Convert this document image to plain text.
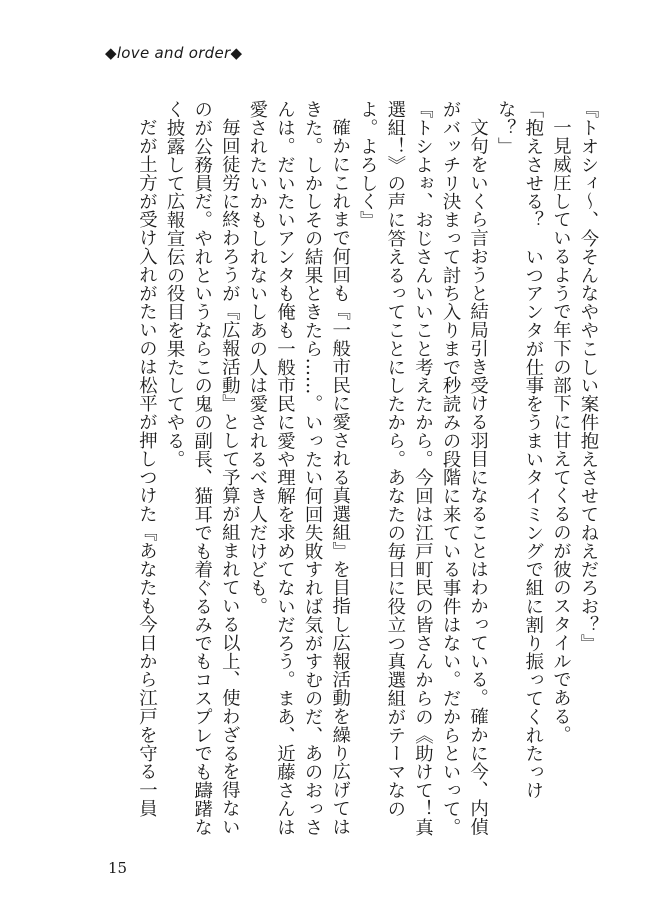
◆love and order◆

『トオシィ〜、今そんなややこしい案件抱えさせてねえだろお？』

一見威圧しているようで年下の部下に甘えてくるのが彼のスタイルである。

「抱えさせる？　いつアンタが仕事をうまいタイミングで組に割り振ってくれたっけな？」

文句をいくら言おうと結局引き受ける羽目になることはわかっている。確かに今、内偵がバッチリ決まって討ち入りまで秒読みの段階に来ている事件はない。だからといって。

『トシよぉ、おじさんいいこと考えたから。今回は江戸町民の皆さんからの《助けて！真選組！》の声に答えるってことにしたから。あなたの毎日に役立つ真選組がテーマなのよ。よろしく』

確かにこれまで何回も『一般市民に愛される真選組』を目指し広報活動を繰り広げてはきた。しかしその結果ときたら……。いったい何回失敗すれば気がすむのだ、あのおっさんは。だいたいアンタも俺も一般市民に愛や理解を求めてないだろう。まあ、近藤さんは愛されたいかもしれないしあの人は愛されるべき人だけども。

毎回徒労に終わろうが『広報活動』として予算が組まれている以上、使わざるを得ないのが公務員だ。やれというならこの鬼の副長、猫耳でも着ぐるみでもコスプレでも躊躇なく披露して広報宣伝の役目を果たしてやる。

だが土方が受け入れがたいのは松平が押しつけた『あなたも今日から江戸を守る一員

15
